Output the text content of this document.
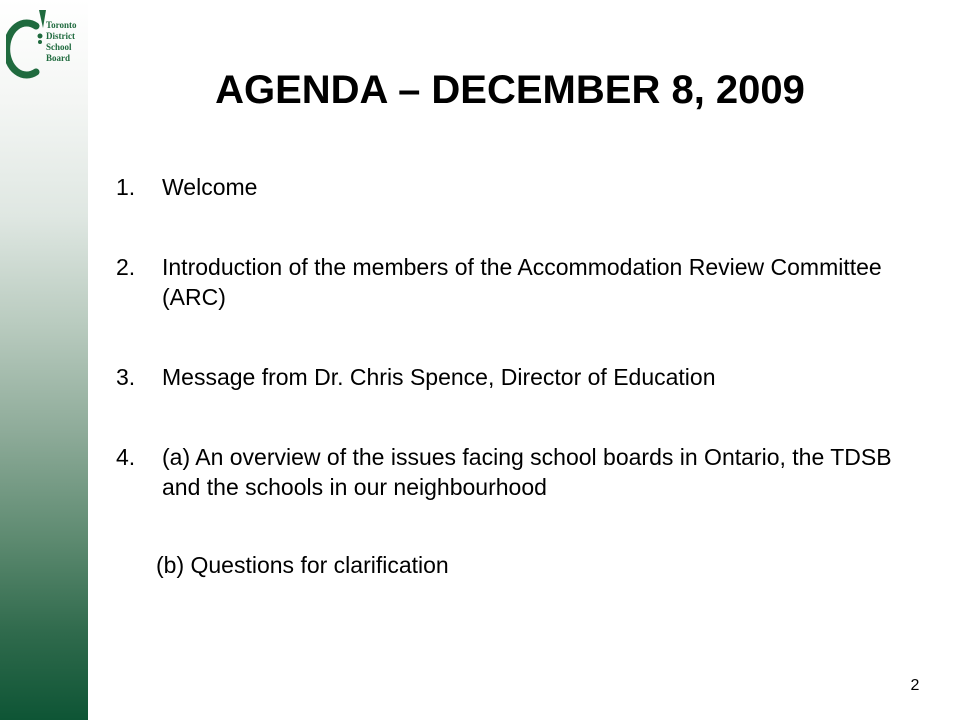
Toronto
District
School
Board
AGENDA – DECEMBER 8, 2009
1.	Welcome
2.	Introduction of the members of the Accommodation Review Committee (ARC)
3.	Message from Dr. Chris Spence, Director of Education
4.	(a) An overview of the issues facing school boards in Ontario, the TDSB and the schools in our neighbourhood
(b) Questions for clarification
2
